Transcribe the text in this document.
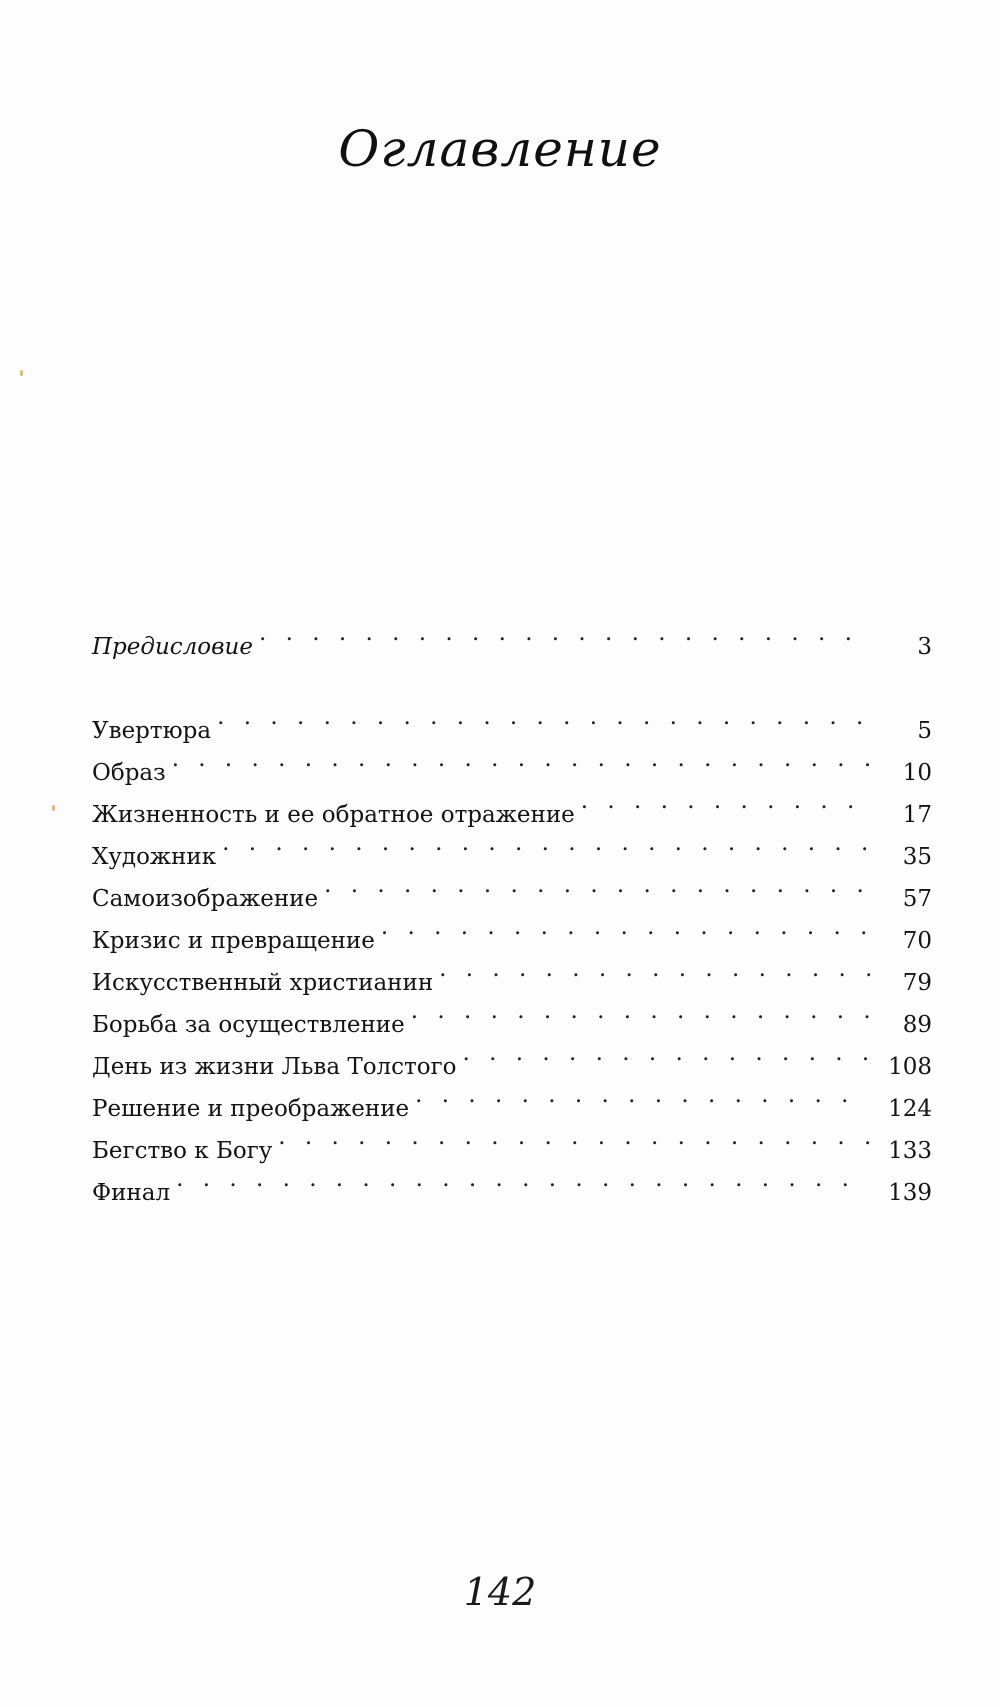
Оглавление
Предисловие . . .	3
Увертюра . . .	5
Образ . . .	10
Жизненность и ее обратное отражение . . .	17
Художник . . .	35
Самоизображение . . .	57
Кризис и превращение . . .	70
Искусственный христианин . . .	79
Борьба за осуществление . . .	89
День из жизни Льва Толстого . . .	108
Решение и преображение . . .	124
Бегство к Богу . . .	133
Финал . . .	139
142
